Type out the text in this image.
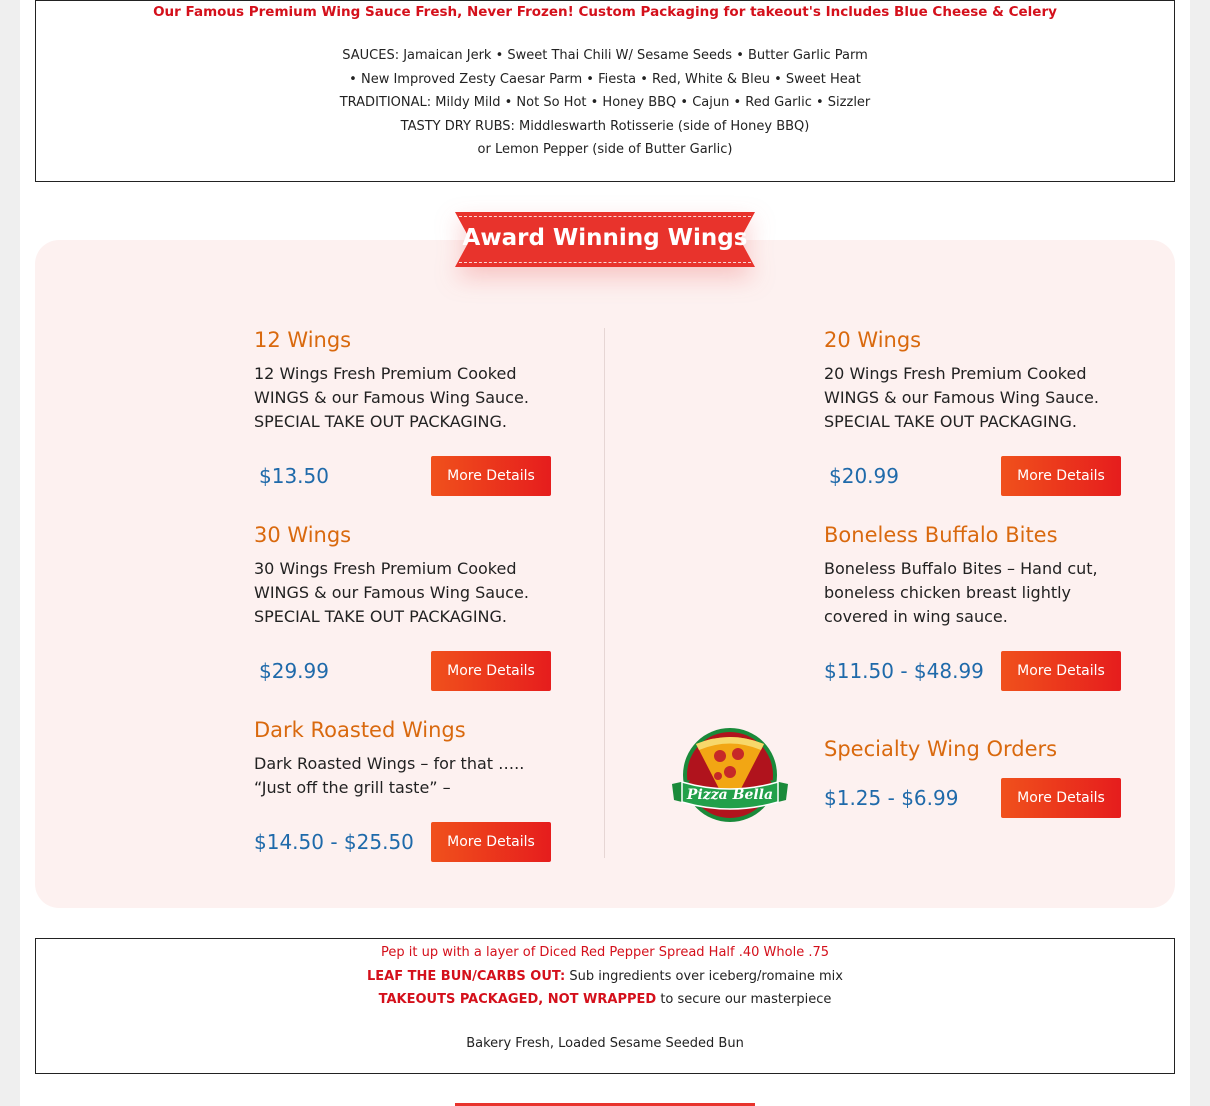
Our Famous Premium Wing Sauce Fresh, Never Frozen! Custom Packaging for takeout's Includes Blue Cheese & Celery
SAUCES: Jamaican Jerk • Sweet Thai Chili W/ Sesame Seeds • Butter Garlic Parm
• New Improved Zesty Caesar Parm • Fiesta • Red, White & Bleu • Sweet Heat
TRADITIONAL: Mildy Mild • Not So Hot • Honey BBQ • Cajun • Red Garlic • Sizzler
TASTY DRY RUBS: Middleswarth Rotisserie (side of Honey BBQ)
or Lemon Pepper (side of Butter Garlic)
Award Winning Wings
12 Wings
12 Wings Fresh Premium Cooked WINGS & our Famous Wing Sauce. SPECIAL TAKE OUT PACKAGING.
$13.50	More Details
30 Wings
30 Wings Fresh Premium Cooked WINGS & our Famous Wing Sauce. SPECIAL TAKE OUT PACKAGING.
$29.99	More Details
Dark Roasted Wings
Dark Roasted Wings – for that ….. “Just off the grill taste” –
$14.50 - $25.50	More Details
20 Wings
20 Wings Fresh Premium Cooked WINGS & our Famous Wing Sauce. SPECIAL TAKE OUT PACKAGING.
$20.99	More Details
Boneless Buffalo Bites
Boneless Buffalo Bites – Hand cut, boneless chicken breast lightly covered in wing sauce.
$11.50 - $48.99	More Details
Specialty Wing Orders
$1.25 - $6.99	More Details
Pizza Bella
Pep it up with a layer of Diced Red Pepper Spread Half .40 Whole .75
LEAF THE BUN/CARBS OUT: Sub ingredients over iceberg/romaine mix
TAKEOUTS PACKAGED, NOT WRAPPED to secure our masterpiece
Bakery Fresh, Loaded Sesame Seeded Bun
